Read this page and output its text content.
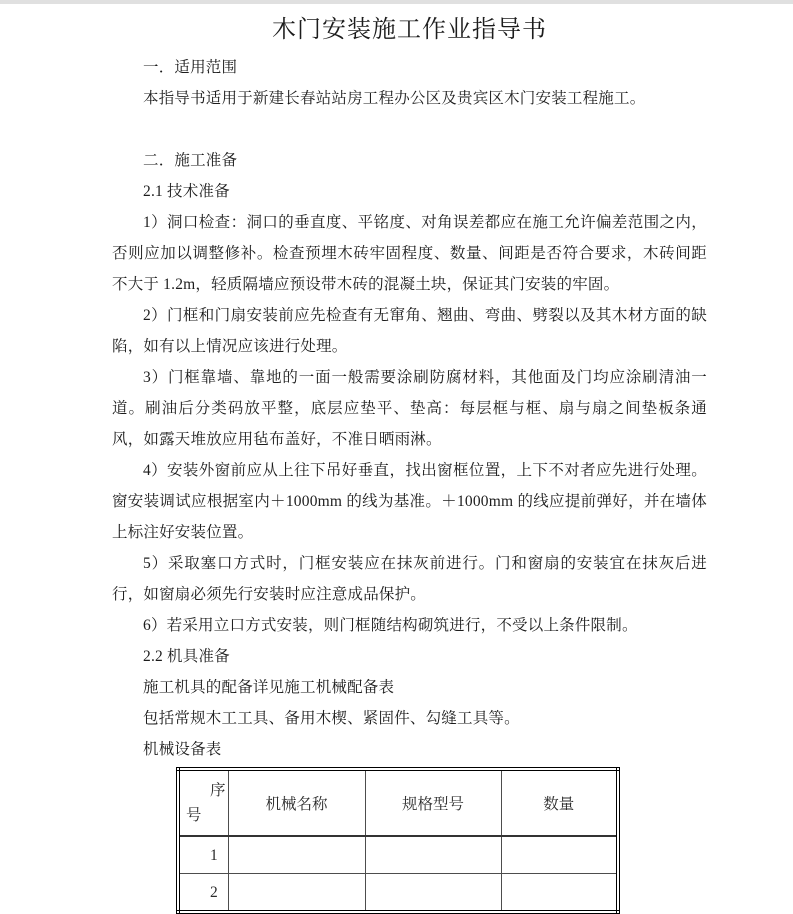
木门安装施工作业指导书

一．适用范围

本指导书适用于新建长春站站房工程办公区及贵宾区木门安装工程施工。

二．施工准备

2.1 技术准备

1）洞口检查：洞口的垂直度、平铭度、对角误差都应在施工允许偏差范围之内，否则应加以调整修补。检查预埋木砖牢固程度、数量、间距是否符合要求，木砖间距不大于 1.2m，轻质隔墙应预设带木砖的混凝土块，保证其门安装的牢固。

2）门框和门扇安装前应先检查有无窜角、翘曲、弯曲、劈裂以及其木材方面的缺陷，如有以上情况应该进行处理。

3）门框靠墙、靠地的一面一般需要涂刷防腐材料，其他面及门均应涂刷清油一道。刷油后分类码放平整，底层应垫平、垫高：每层框与框、扇与扇之间垫板条通风，如露天堆放应用毡布盖好，不准日晒雨淋。

4）安装外窗前应从上往下吊好垂直，找出窗框位置，上下不对者应先进行处理。窗安装调试应根据室内＋1000mm 的线为基准。＋1000mm 的线应提前弹好，并在墙体上标注好安装位置。

5）采取塞口方式时，门框安装应在抹灰前进行。门和窗扇的安装宜在抹灰后进行，如窗扇必须先行安装时应注意成品保护。

6）若采用立口方式安装，则门框随结构砌筑进行，不受以上条件限制。

2.2 机具准备

施工机具的配备详见施工机械配备表

包括常规木工工具、备用木楔、紧固件、勾缝工具等。

机械设备表

序号	机械名称	规格型号	数量
1			
2			
